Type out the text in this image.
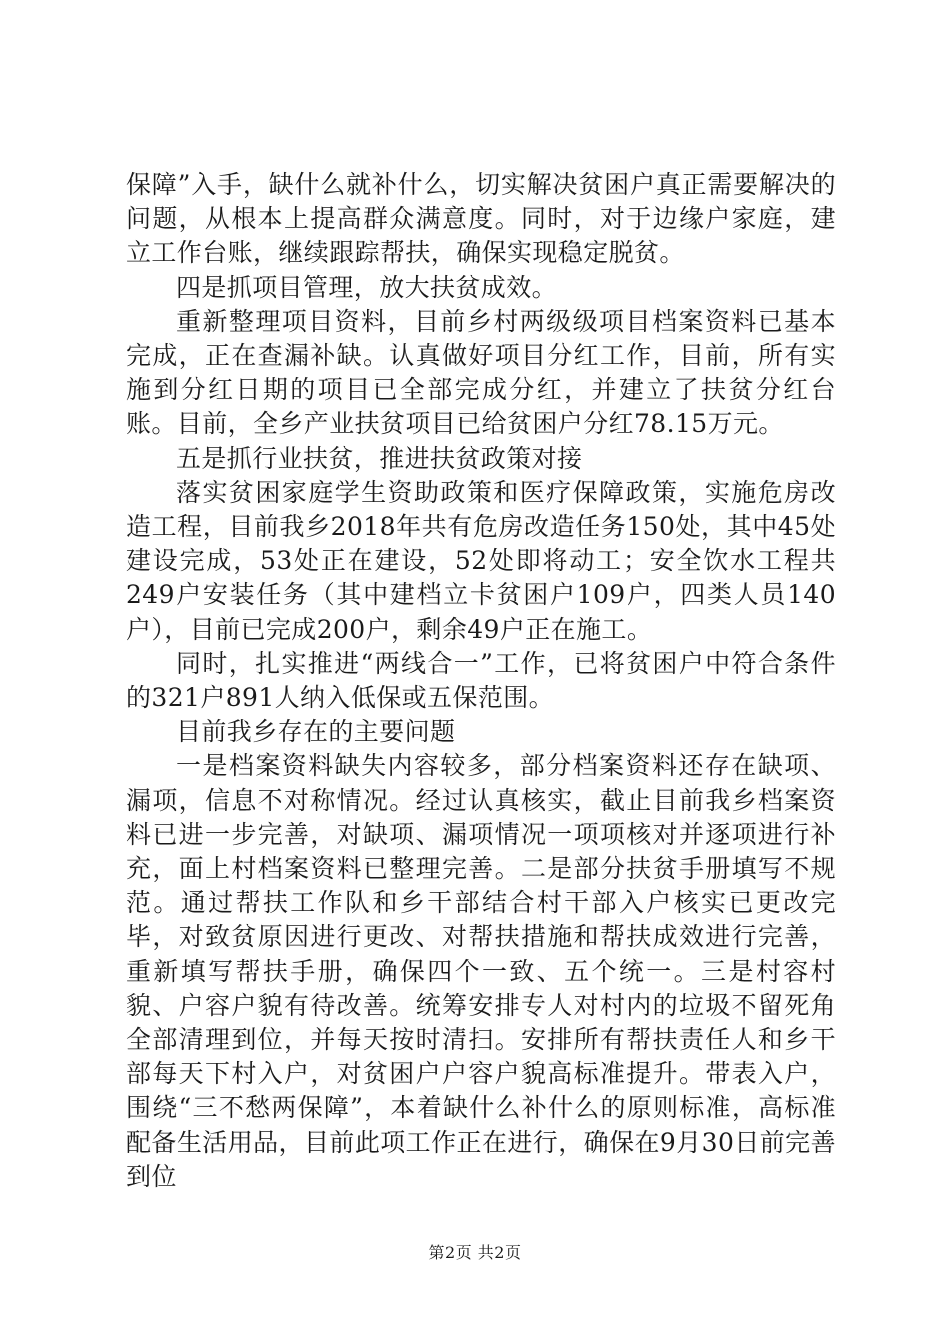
保障”入手，缺什么就补什么，切实解决贫困户真正需要解决的问题，从根本上提高群众满意度。同时，对于边缘户家庭，建立工作台账，继续跟踪帮扶，确保实现稳定脱贫。

四是抓项目管理，放大扶贫成效。

重新整理项目资料，目前乡村两级级项目档案资料已基本完成，正在查漏补缺。认真做好项目分红工作，目前，所有实施到分红日期的项目已全部完成分红，并建立了扶贫分红台账。目前，全乡产业扶贫项目已给贫困户分红78.15万元。

五是抓行业扶贫，推进扶贫政策对接

落实贫困家庭学生资助政策和医疗保障政策，实施危房改造工程，目前我乡2018年共有危房改造任务150处，其中45处建设完成，53处正在建设，52处即将动工；安全饮水工程共249户安装任务（其中建档立卡贫困户109户，四类人员140户），目前已完成200户，剩余49户正在施工。

同时，扎实推进“两线合一”工作，已将贫困户中符合条件的321户891人纳入低保或五保范围。

目前我乡存在的主要问题

一是档案资料缺失内容较多，部分档案资料还存在缺项、漏项，信息不对称情况。经过认真核实，截止目前我乡档案资料已进一步完善，对缺项、漏项情况一项项核对并逐项进行补充，面上村档案资料已整理完善。二是部分扶贫手册填写不规范。通过帮扶工作队和乡干部结合村干部入户核实已更改完毕，对致贫原因进行更改、对帮扶措施和帮扶成效进行完善，重新填写帮扶手册，确保四个一致、五个统一。三是村容村貌、户容户貌有待改善。统筹安排专人对村内的垃圾不留死角全部清理到位，并每天按时清扫。安排所有帮扶责任人和乡干部每天下村入户，对贫困户户容户貌高标准提升。带表入户，围绕“三不愁两保障”，本着缺什么补什么的原则标准，高标准配备生活用品，目前此项工作正在进行，确保在9月30日前完善到位

第2页 共2页
